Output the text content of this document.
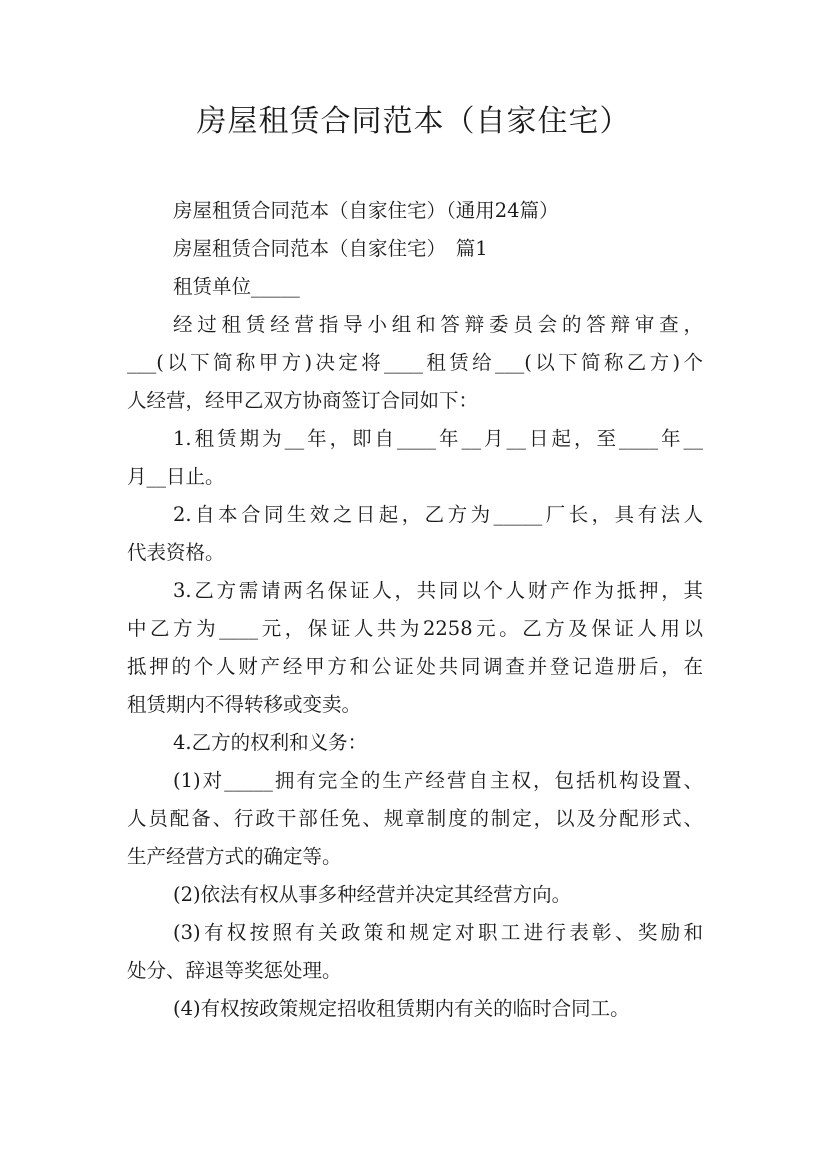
房屋租赁合同范本（自家住宅）
房屋租赁合同范本（自家住宅）（通用24篇）
房屋租赁合同范本（自家住宅）　篇1
租赁单位_____
经过租赁经营指导小组和答辩委员会的答辩审查，
___(以下简称甲方)决定将____租赁给___(以下简称乙方)个
人经营，经甲乙双方协商签订合同如下：
1.租赁期为__年，即自____年__月__日起，至____年__
月__日止。
2.自本合同生效之日起，乙方为_____厂长，具有法人
代表资格。
3.乙方需请两名保证人，共同以个人财产作为抵押，其
中乙方为____元，保证人共为2258元。乙方及保证人用以
抵押的个人财产经甲方和公证处共同调查并登记造册后，在
租赁期内不得转移或变卖。
4.乙方的权利和义务：
(1)对_____拥有完全的生产经营自主权，包括机构设置、
人员配备、行政干部任免、规章制度的制定，以及分配形式、
生产经营方式的确定等。
(2)依法有权从事多种经营并决定其经营方向。
(3)有权按照有关政策和规定对职工进行表彰、奖励和
处分、辞退等奖惩处理。
(4)有权按政策规定招收租赁期内有关的临时合同工。
